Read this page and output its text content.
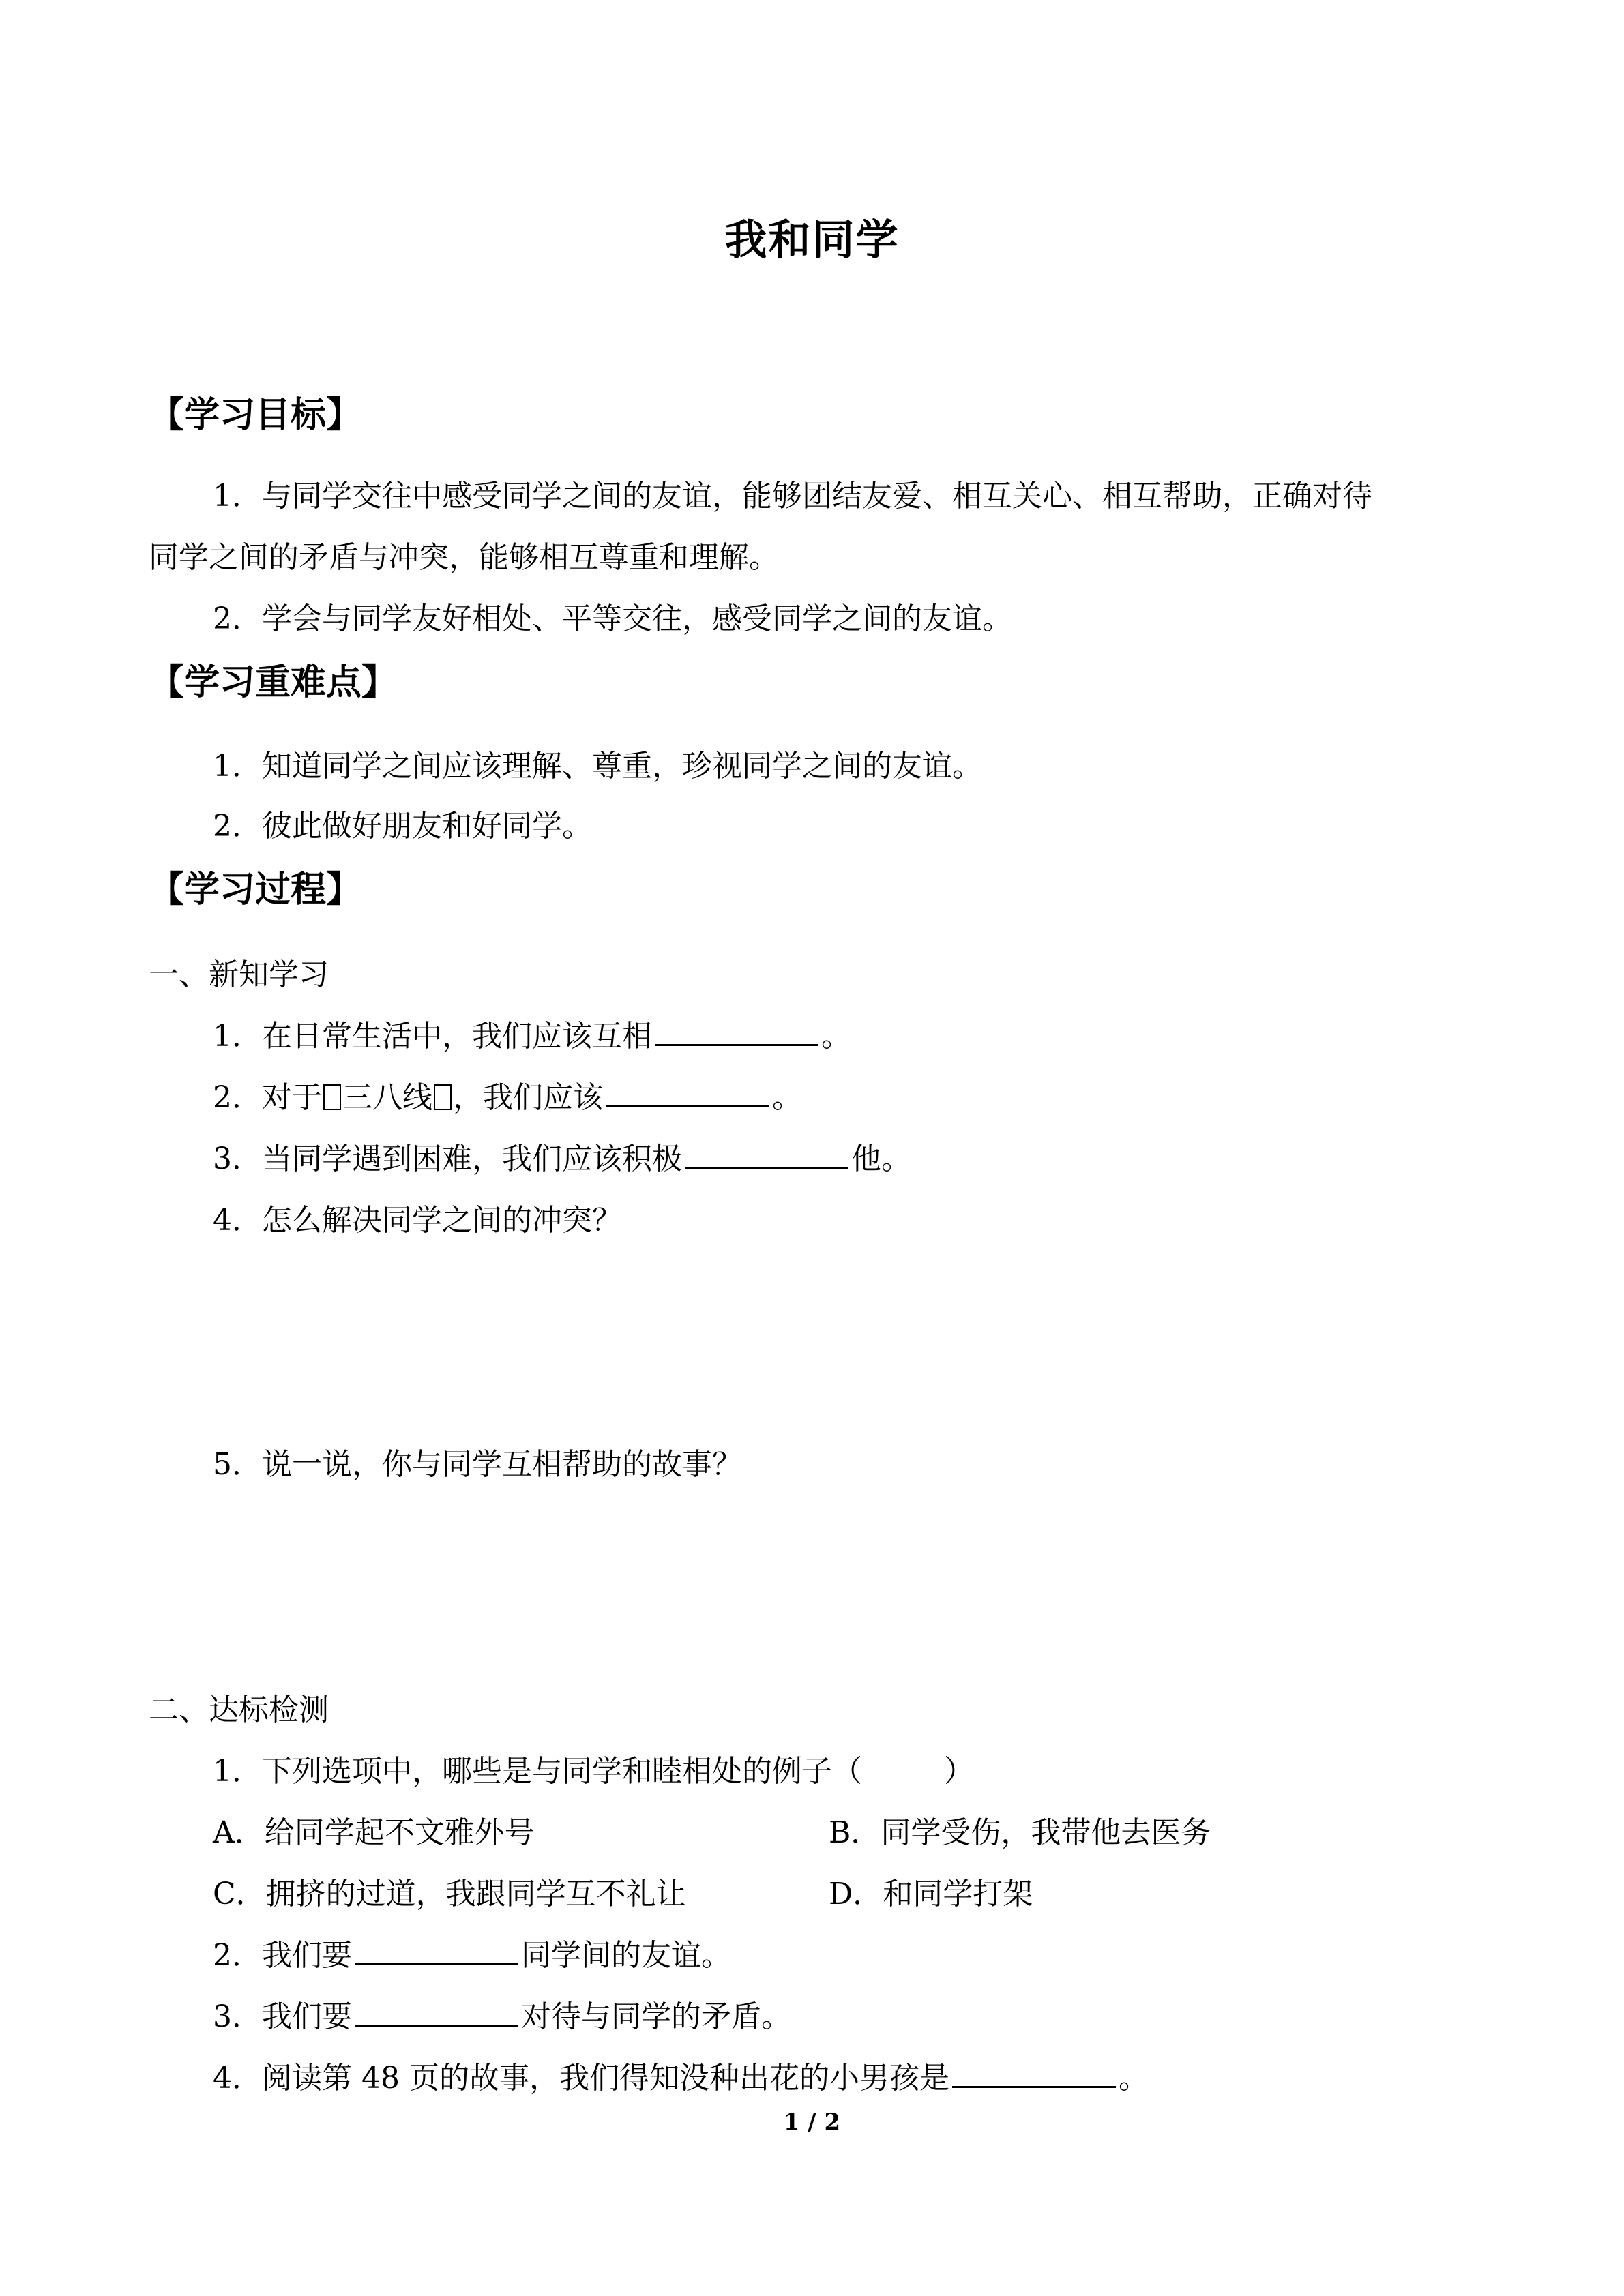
我和同学
【学习目标】
1．与同学交往中感受同学之间的友谊，能够团结友爱、相互关心、相互帮助，正确对待
同学之间的矛盾与冲突，能够相互尊重和理解。
2．学会与同学友好相处、平等交往，感受同学之间的友谊。
【学习重难点】
1．知道同学之间应该理解、尊重，珍视同学之间的友谊。
2．彼此做好朋友和好同学。
【学习过程】
一、新知学习
1．在日常生活中，我们应该互相	。
2．对于 三八线 ，我们应该	。
3．当同学遇到困难，我们应该积极	他。
4．怎么解决同学之间的冲突？
5．说一说，你与同学互相帮助的故事？
二、达标检测
1．下列选项中，哪些是与同学和睦相处的例子（	）
A．给同学起不文雅外号	B．同学受伤，我带他去医务
C．拥挤的过道，我跟同学互不礼让	D．和同学打架
2．我们要	同学间的友谊。
3．我们要	对待与同学的矛盾。
4．阅读第 48 页的故事，我们得知没种出花的小男孩是	。
1 / 2
